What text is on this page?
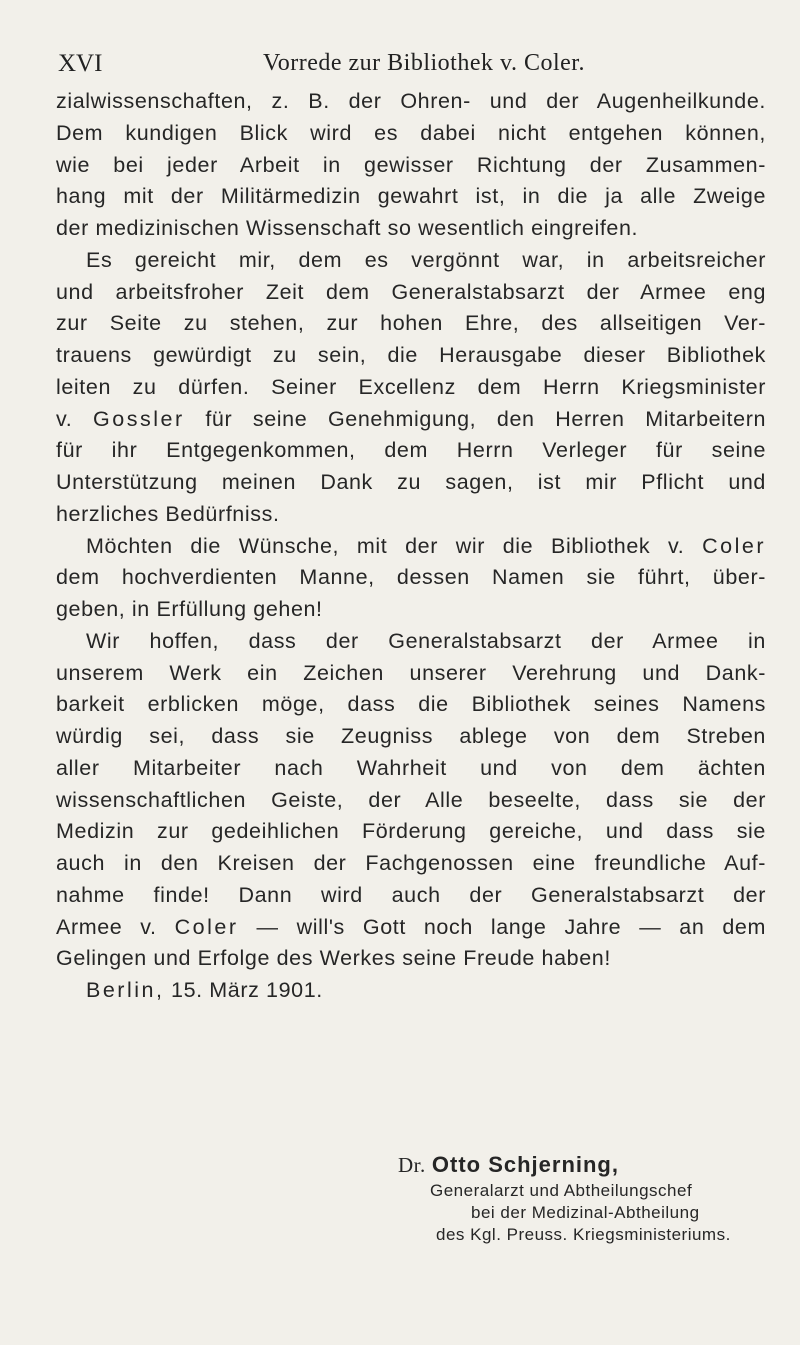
XVI	Vorrede zur Bibliothek v. Coler.
zialwissenschaften, z. B. der Ohren- und der Augenheilkunde.
Dem kundigen Blick wird es dabei nicht entgehen können,
wie bei jeder Arbeit in gewisser Richtung der Zusammen-
hang mit der Militärmedizin gewahrt ist, in die ja alle Zweige
der medizinischen Wissenschaft so wesentlich eingreifen.
Es gereicht mir, dem es vergönnt war, in arbeitsreicher
und arbeitsfroher Zeit dem Generalstabsarzt der Armee eng
zur Seite zu stehen, zur hohen Ehre, des allseitigen Ver-
trauens gewürdigt zu sein, die Herausgabe dieser Bibliothek
leiten zu dürfen. Seiner Excellenz dem Herrn Kriegsminister
v. Gossler für seine Genehmigung, den Herren Mitarbeitern
für ihr Entgegenkommen, dem Herrn Verleger für seine
Unterstützung meinen Dank zu sagen, ist mir Pflicht und
herzliches Bedürfniss.
Möchten die Wünsche, mit der wir die Bibliothek v. Coler
dem hochverdienten Manne, dessen Namen sie führt, über-
geben, in Erfüllung gehen!
Wir hoffen, dass der Generalstabsarzt der Armee in
unserem Werk ein Zeichen unserer Verehrung und Dank-
barkeit erblicken möge, dass die Bibliothek seines Namens
würdig sei, dass sie Zeugniss ablege von dem Streben
aller Mitarbeiter nach Wahrheit und von dem ächten
wissenschaftlichen Geiste, der Alle beseelte, dass sie der
Medizin zur gedeihlichen Förderung gereiche, und dass sie
auch in den Kreisen der Fachgenossen eine freundliche Auf-
nahme finde! Dann wird auch der Generalstabsarzt der
Armee v. Coler — will's Gott noch lange Jahre — an dem
Gelingen und Erfolge des Werkes seine Freude haben!
Berlin, 15. März 1901.
Dr. Otto Schjerning,
Generalarzt und Abtheilungschef
bei der Medizinal-Abtheilung
des Kgl. Preuss. Kriegsministeriums.
